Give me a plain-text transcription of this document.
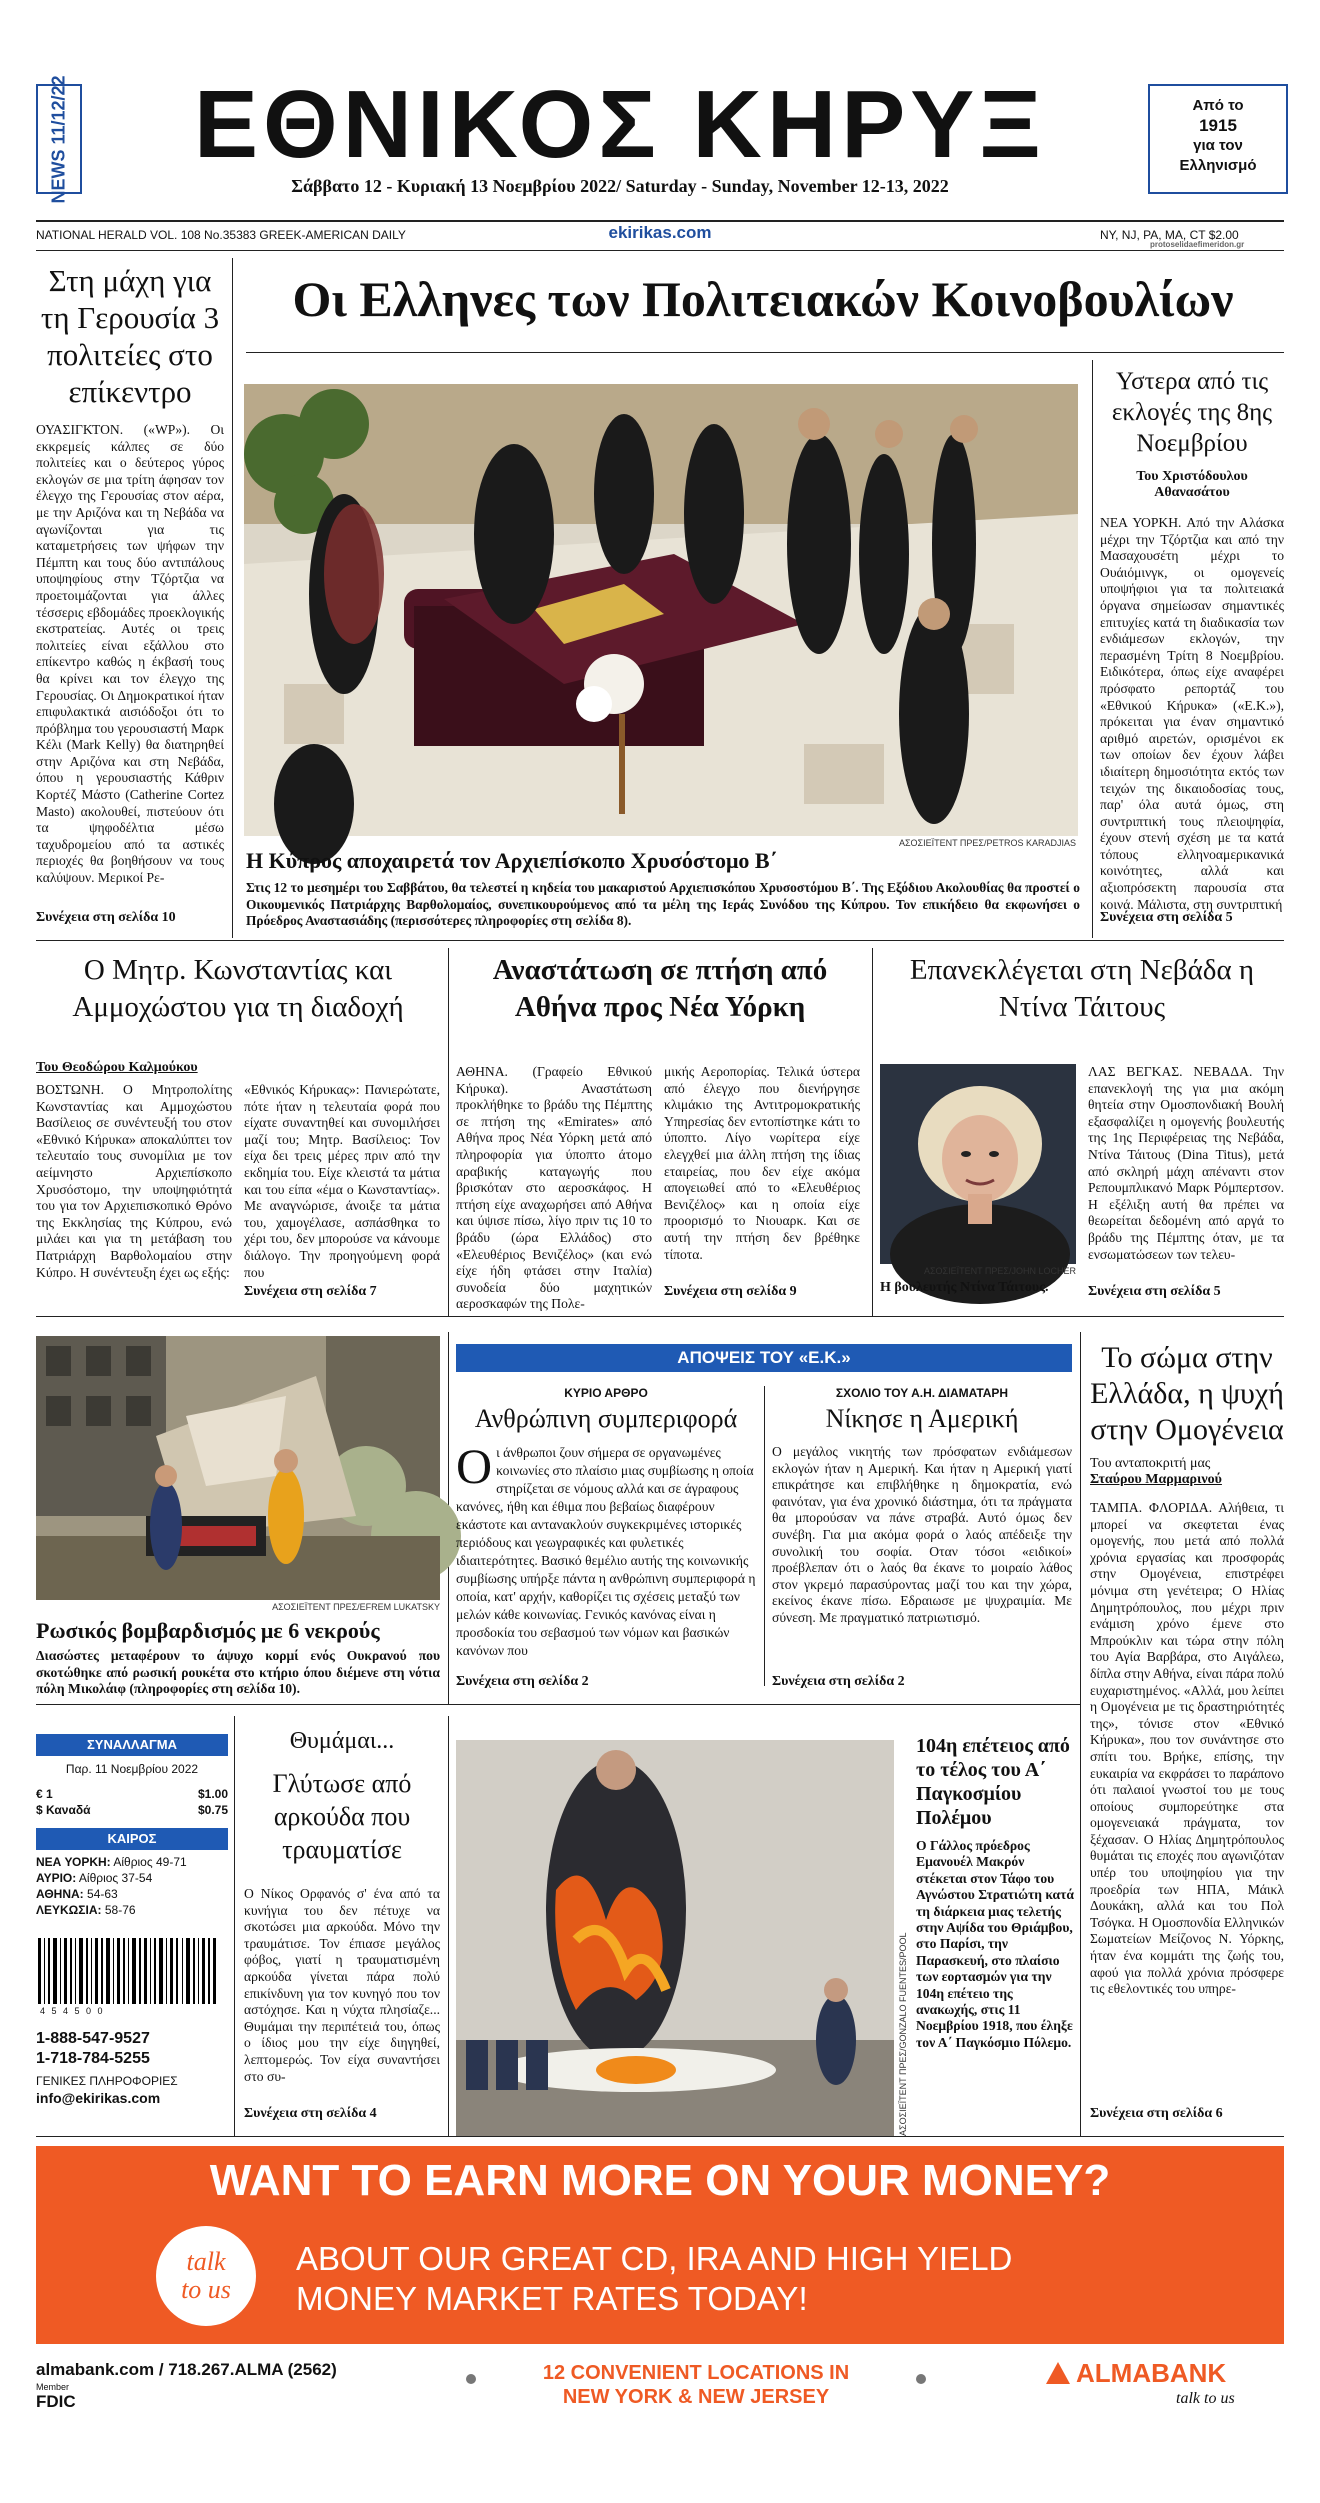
NEWS 11/12/22	ΕΘΝΙΚΟΣ ΚΗΡΥΞ
Σάββατο 12 - Κυριακή 13 Νοεμβρίου 2022/ Saturday - Sunday, November 12-13, 2022
Από το
1915
για τον
Ελληνισμό
NATIONAL HERALD VOL. 108 No.35383 GREEK-AMERICAN DAILY	ekirikas.com	NY, NJ, PA, MA, CT $2.00
protoselidaefimeridon.gr
Στη μάχη για τη Γερουσία 3 πολιτείες στο επίκεντρο
ΟΥΑΣΙΓΚΤΟΝ. («WP»). Οι εκκρεμείς κάλπες σε δύο πολιτείες και ο δεύτερος γύρος εκλογών σε μια τρίτη άφησαν τον έλεγχο της Γερουσίας στον αέρα, με την Αριζόνα και τη Νεβάδα να αγωνίζονται για τις καταμετρήσεις των ψήφων την Πέμπτη και τους δύο αντιπάλους υποψηφίους στην Τζόρτζια να προετοιμάζονται για άλλες τέσσερις εβδομάδες προεκλογικής εκστρατείας. Αυτές οι τρεις πολιτείες είναι εξάλλου στο επίκεντρο καθώς η έκβασή τους θα κρίνει και τον έλεγχο της Γερουσίας. Οι Δημοκρατικοί ήταν επιφυλακτικά αισιόδοξοι ότι το πρόβλημα του γερουσιαστή Μαρκ Κέλι (Mark Kelly) θα διατηρηθεί στην Αριζόνα και στη Νεβάδα, όπου η γερουσιαστής Κάθριν Κορτέζ Μάστο (Catherine Cortez Masto) ακολουθεί, πιστεύουν ότι τα ψηφοδέλτια μέσω ταχυδρομείου από τα αστικές περιοχές θα βοηθήσουν να τους καλύψουν. Μερικοί Ρε-
Συνέχεια στη σελίδα 10
Οι Ελληνες των Πολιτειακών Κοινοβουλίων
ΑΣΟΣΙΕΪΤΕΝΤ ΠΡΕΣ/PETROS KARADJIAS
Η Κύπρος αποχαιρετά τον Αρχιεπίσκοπο Χρυσόστομο Β΄
Στις 12 το μεσημέρι του Σαββάτου, θα τελεστεί η κηδεία του μακαριστού Αρχιεπισκόπου Χρυσοστόμου Β΄. Της Εξόδιου Ακολουθίας θα προστεί ο Οικουμενικός Πατριάρχης Βαρθολομαίος, συνεπικουρούμενος από τα μέλη της Ιεράς Συνόδου της Κύπρου. Τον επικήδειο θα εκφωνήσει ο Πρόεδρος Αναστασιάδης (περισσότερες πληροφορίες στη σελίδα 8).
Υστερα από τις εκλογές της 8ης Νοεμβρίου
Του Χριστόδουλου
Αθανασάτου
ΝΕΑ ΥΟΡΚΗ. Από την Αλάσκα μέχρι την Τζόρτζια και από την Μασαχουσέτη μέχρι το Ουάιόμινγκ, οι ομογενείς υποψήφιοι για τα πολιτειακά όργανα σημείωσαν σημαντικές επιτυχίες κατά τη διαδικασία των ενδιάμεσων εκλογών, την περασμένη Τρίτη 8 Νοεμβρίου. Ειδικότερα, όπως είχε αναφέρει πρόσφατο ρεπορτάζ του «Εθνικού Κήρυκα» («Ε.Κ.»), πρόκειται για έναν σημαντικό αριθμό αιρετών, ορισμένοι εκ των οποίων δεν έχουν λάβει ιδιαίτερη δημοσιότητα εκτός των τειχών της δικαιοδοσίας τους, παρ' όλα αυτά όμως, στη συντριπτική τους πλειοψηφία, έχουν στενή σχέση με τα κατά τόπους ελληνοαμερικανικά κοινότητες, αλλά και αξιοπρόσεκτη παρουσία στα κοινά. Μάλιστα, στη συντριπτική
Συνέχεια στη σελίδα 5
Ο Μητρ. Κωνσταντίας και Αμμοχώστου για τη διαδοχή
Του Θεοδώρου Καλμούκου
ΒΟΣΤΩΝΗ. Ο Μητροπολίτης Κωνσταντίας και Αμμοχώστου Βασίλειος σε συνέντευξή του στον «Εθνικό Κήρυκα» αποκαλύπτει τον τελευταίο τους συνομίλια με τον αείμνηστο Αρχιεπίσκοπο Χρυσόστομο, την υποψηφιότητά του για τον Αρχιεπισκοπικό Θρόνο της Εκκλησίας της Κύπρου, ενώ μιλάει και για τη μετάβαση του Πατριάρχη Βαρθολομαίου στην Κύπρο. Η συνέντευξη έχει ως εξής:
«Εθνικός Κήρυκας»: Πανιερώτατε, πότε ήταν η τελευταία φορά που είχατε συναντηθεί και συνομιλήσει μαζί του; Μητρ. Βασίλειος: Τον είχα δει τρεις μέρες πριν από την εκδημία του. Είχε κλειστά τα μάτια και του είπα «έμα ο Κωνσταντίας». Με αναγνώρισε, άνοιξε τα μάτια του, χαμογέλασε, ασπάσθηκα το χέρι του, δεν μπορούσε να κάνουμε διάλογο. Την προηγούμενη φορά που
Συνέχεια στη σελίδα 7
Αναστάτωση σε πτήση από Αθήνα προς Νέα Υόρκη
ΑΘΗΝΑ. (Γραφείο Εθνικού Κήρυκα). Αναστάτωση προκλήθηκε το βράδυ της Πέμπτης σε πτήση της «Emirates» από Αθήνα προς Νέα Υόρκη μετά από πληροφορία για ύποπτο άτομο αραβικής καταγωγής που βρισκόταν στο αεροσκάφος. Η πτήση είχε αναχωρήσει από Αθήνα και ύψισε πίσω, λίγο πριν τις 10 το βράδυ (ώρα Ελλάδος) στο «Ελευθέριος Βενιζέλος» (και ενώ είχε ήδη φτάσει στην Ιταλία) συνοδεία δύο μαχητικών αεροσκαφών της Πολε-
μικής Αεροπορίας. Τελικά ύστερα από έλεγχο που διενήργησε κλιμάκιο της Αντιτρομοκρατικής Υπηρεσίας δεν εντοπίστηκε κάτι το ύποπτο. Λίγο νωρίτερα είχε ελεγχθεί μια άλλη πτήση της ίδιας εταιρείας, που δεν είχε ακόμα απογειωθεί από το «Ελευθέριος Βενιζέλος» και η οποία είχε προορισμό το Νιουαρκ. Και σε αυτή την πτήση δεν βρέθηκε τίποτα.
Συνέχεια στη σελίδα 9
Επανεκλέγεται στη Νεβάδα η Ντίνα Τάιτους
ΑΣΟΣΙΕΪΤΕΝΤ ΠΡΕΣ/JOHN LOCHER
Η βουλευτής Ντίνα Τάιτους.
ΛΑΣ ΒΕΓΚΑΣ. ΝΕΒΑΔΑ. Την επανεκλογή της για μια ακόμη θητεία στην Ομοσπονδιακή Βουλή εξασφαλίζει η ομογενής βουλευτής της 1ης Περιφέρειας της Νεβάδα, Ντίνα Τάιτους (Dina Titus), μετά από σκληρή μάχη απέναντι στον Ρεπουμπλικανό Μαρκ Ρόμπερτσον. Η εξέλιξη αυτή θα πρέπει να θεωρείται δεδομένη από αργά το βράδυ της Πέμπτης όταν, με τα ενσωματώσεων των τελευ-
Συνέχεια στη σελίδα 5
ΑΣΟΣΙΕΪΤΕΝΤ ΠΡΕΣ/EFREM LUKATSKY
Ρωσικός βομβαρδισμός με 6 νεκρούς
Διασώστες μεταφέρουν το άψυχο κορμί ενός Ουκρανού που σκοτώθηκε από ρωσική ρουκέτα στο κτήριο όπου διέμενε στη νότια πόλη Μικολάιφ (πληροφορίες στη σελίδα 10).
ΑΠΟΨΕΙΣ ΤΟΥ «Ε.Κ.»
ΚΥΡΙΟ ΑΡΘΡΟ
Ανθρώπινη συμπεριφορά
Ο ι άνθρωποι ζουν σήμερα σε οργανωμένες κοινωνίες στο πλαίσιο μιας συμβίωσης η οποία στηρίζεται σε νόμους αλλά και σε άγραφους κανόνες, ήθη και έθιμα που βεβαίως διαφέρουν εκάστοτε και αντανακλούν συγκεκριμένες ιστορικές περιόδους και γεωγραφικές και φυλετικές ιδιαιτερότητες. Βασικό θεμέλιο αυτής της κοινωνικής συμβίωσης υπήρξε πάντα η ανθρώπινη συμπεριφορά η οποία, κατ' αρχήν, καθορίζει τις σχέσεις μεταξύ των μελών κάθε κοινωνίας. Γενικός κανόνας είναι η προσδοκία του σεβασμού των νόμων και βασικών κανόνων που
Συνέχεια στη σελίδα 2
ΣΧΟΛΙΟ ΤΟΥ Α.Η. ΔΙΑΜΑΤΑΡΗ
Νίκησε η Αμερική
Ο μεγάλος νικητής των πρόσφατων ενδιάμεσων εκλογών ήταν η Αμερική. Και ήταν η Αμερική γιατί επικράτησε και επιβλήθηκε η δημοκρατία, ενώ φαινόταν, για ένα χρονικό διάστημα, ότι τα πράγματα θα μπορούσαν να πάνε στραβά. Αυτό όμως δεν συνέβη. Για μια ακόμα φορά ο λαός απέδειξε την συνολική του σοφία. Οταν τόσοι «ειδικοί» προέβλεπαν ότι ο λαός θα έκανε το μοιραίο λάθος στον γκρεμό παρασύροντας μαζί του και την χώρα, εκείνος έκανε πίσω. Εδραιωσε με ψυχραιμία. Με σύνεση. Με πραγματικό πατριωτισμό.
Συνέχεια στη σελίδα 2
Το σώμα στην Ελλάδα, η ψυχή στην Ομογένεια
Του ανταποκριτή μας
Σταύρου Μαρμαρινού
ΤΑΜΠΑ. ΦΛΟΡΙΔΑ. Αλήθεια, τι μπορεί να σκεφτεται ένας ομογενής, που μετά από πολλά χρόνια εργασίας και προσφοράς στην Ομογένεια, επιστρέφει μόνιμα στη γενέτειρα; Ο Ηλίας Δημητρόπουλος, που μέχρι πριν ενάμιση χρόνο έμενε στο Μπρούκλιν και τώρα στην πόλη του Αγία Βαρβάρα, στο Αιγάλεω, δίπλα στην Αθήνα, είναι πάρα πολύ ευχαριστημένος. «Αλλά, μου λείπει η Ομογένεια με τις δραστηριότητές της», τόνισε στον «Εθνικό Κήρυκα», που τον συνάντησε στο σπίτι του. Βρήκε, επίσης, την ευκαιρία να εκφράσει το παράπονο ότι παλαιοί γνωστοί του με τους οποίους συμπορεύτηκε στα ομογενειακά πράγματα, τον ξέχασαν. Ο Ηλίας Δημητρόπουλος θυμάται τις εποχές που αγωνιζόταν υπέρ του υποψηφίου για την προεδρία των ΗΠΑ, Μάικλ Δουκάκη, αλλά και του Πολ Τσόγκα. Η Ομοσπονδία Ελληνικών Σωματείων Μείζονος Ν. Υόρκης, ήταν ένα κομμάτι της ζωής του, αφού για πολλά χρόνια πρόσφερε τις εθελοντικές του υπηρε-
Συνέχεια στη σελίδα 6
ΣΥΝΑΛΛΑΓΜΑ
Παρ. 11 Νοεμβρίου 2022
€ 1	$1.00
$ Καναδά	$0.75
ΚΑΙΡΟΣ
ΝΕΑ ΥΟΡΚΗ: Αίθριος 49-71
ΑΥΡΙΟ: Αίθριος 37-54
ΑΘΗΝΑ: 54-63
ΛΕΥΚΩΣΙΑ: 58-76
4 5 4 5 0 0
1-888-547-9527
1-718-784-5255
ΓΕΝΙΚΕΣ ΠΛΗΡΟΦΟΡΙΕΣ
info@ekirikas.com
Θυμάμαι...
Γλύτωσε από αρκούδα που τραυματίσε
Ο Νίκος Ορφανός σ' ένα από τα κυνήγια του δεν πέτυχε να σκοτώσει μια αρκούδα. Μόνο την τραυμάτισε. Τον έπιασε μεγάλος φόβος, γιατί η τραυματισμένη αρκούδα γίνεται πάρα πολύ επικίνδυνη για τον κυνηγό που τον αστόχησε. Και η νύχτα πλησίαζε... Θυμάμαι την περιπέτειά του, όπως ο ίδιος μου την είχε διηγηθεί, λεπτομερώς. Τον είχα συναντήσει στο συ-
Συνέχεια στη σελίδα 4	ΑΣΟΣΙΕΪΤΕΝΤ ΠΡΕΣ/GONZALO FUENTES/POOL
104η επέτειος από το τέλος του Α΄ Παγκοσμίου Πολέμου
Ο Γάλλος πρόεδρος Εμανουέλ Μακρόν στέκεται στον Τάφο του Αγνώστου Στρατιώτη κατά τη διάρκεια μιας τελετής στην Αψίδα του Θριάμβου, στο Παρίσι, την Παρασκευή, στο πλαίσιο των εορτασμών για την 104η επέτειο της ανακωχής, στις 11 Νοεμβρίου 1918, που έληξε τον Α΄ Παγκόσμιο Πόλεμο.
WANT TO EARN MORE ON YOUR MONEY?
talk
to us
ABOUT OUR GREAT CD, IRA AND HIGH YIELD
MONEY MARKET RATES TODAY!
almabank.com / 718.267.ALMA (2562)
Member
FDIC
12 CONVENIENT LOCATIONS IN
NEW YORK & NEW JERSEY
ALMABANK
talk to us
